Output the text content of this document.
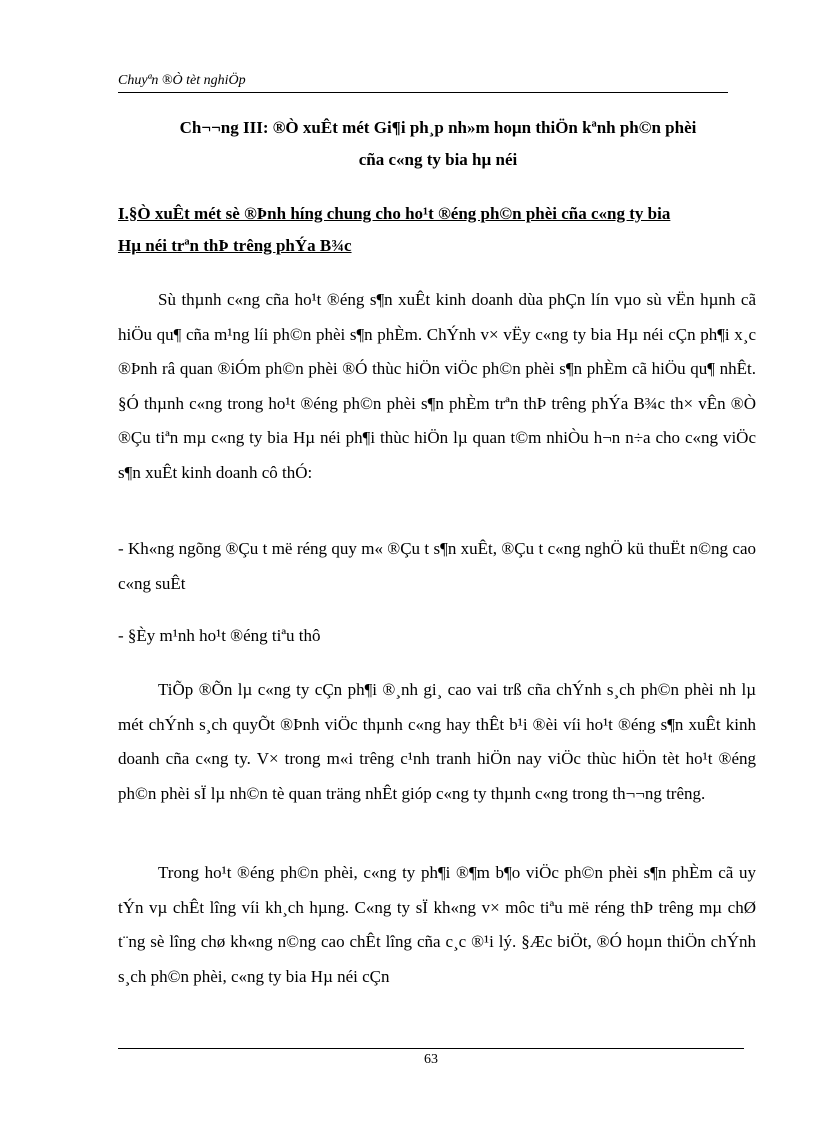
Chuyªn ®Ò tèt nghiÖp
Ch¬¬ng III: ®Ò xuÊt mét Gi¶i ph¸p nh»m hoµn thiÖn kªnh ph©n phèi
cña c«ng ty bia hµ néi
I.§Ò xuÊt mét sè ®Þnh híng chung cho ho¹t ®éng ph©n phèi cña c«ng ty bia
Hµ néi trªn thÞ trêng phÝa B¾c
Sù thµnh c«ng cña ho¹t ®éng s¶n xuÊt kinh doanh dùa phÇn lín vµo sù vËn hµnh cã hiÖu qu¶ cña m¹ng líi ph©n phèi s¶n phÈm. ChÝnh v× vËy c«ng ty bia Hµ néi cÇn ph¶i x¸c ®Þnh râ quan ®iÓm ph©n phèi ®Ó thùc hiÖn viÖc ph©n phèi s¶n phÈm cã hiÖu qu¶ nhÊt. §Ó thµnh c«ng trong ho¹t ®éng ph©n phèi s¶n phÈm trªn thÞ trêng phÝa B¾c th× vÊn ®Ò ®Çu tiªn mµ c«ng ty bia Hµ néi ph¶i thùc hiÖn lµ quan t©m nhiÒu h¬n n÷a cho c«ng viÖc s¶n xuÊt kinh doanh cô thÓ:
- Kh«ng ngõng ®Çu t më réng quy m« ®Çu t s¶n xuÊt, ®Çu t c«ng nghÖ kü thuËt n©ng cao c«ng suÊt
- §Èy m¹nh ho¹t ®éng tiªu thô
TiÕp ®Õn lµ c«ng ty cÇn ph¶i ®¸nh gi¸ cao vai trß cña chÝnh s¸ch ph©n phèi nh lµ mét chÝnh s¸ch quyÕt ®Þnh viÖc thµnh c«ng hay thÊt b¹i ®èi víi ho¹t ®éng s¶n xuÊt kinh doanh cña c«ng ty. V× trong m«i trêng c¹nh tranh hiÖn nay viÖc thùc hiÖn tèt ho¹t ®éng ph©n phèi sÏ lµ nh©n tè quan träng nhÊt gióp c«ng ty thµnh c«ng trong th¬¬ng trêng.
Trong ho¹t ®éng ph©n phèi, c«ng ty ph¶i ®¶m b¶o viÖc ph©n phèi s¶n phÈm cã uy tÝn vµ chÊt lîng víi kh¸ch hµng. C«ng ty sÏ kh«ng v× môc tiªu më réng thÞ trêng mµ chØ t¨ng sè lîng chø kh«ng n©ng cao chÊt lîng cña c¸c ®¹i lý. §Æc biÖt, ®Ó hoµn thiÖn chÝnh s¸ch ph©n phèi, c«ng ty bia Hµ néi cÇn
63
